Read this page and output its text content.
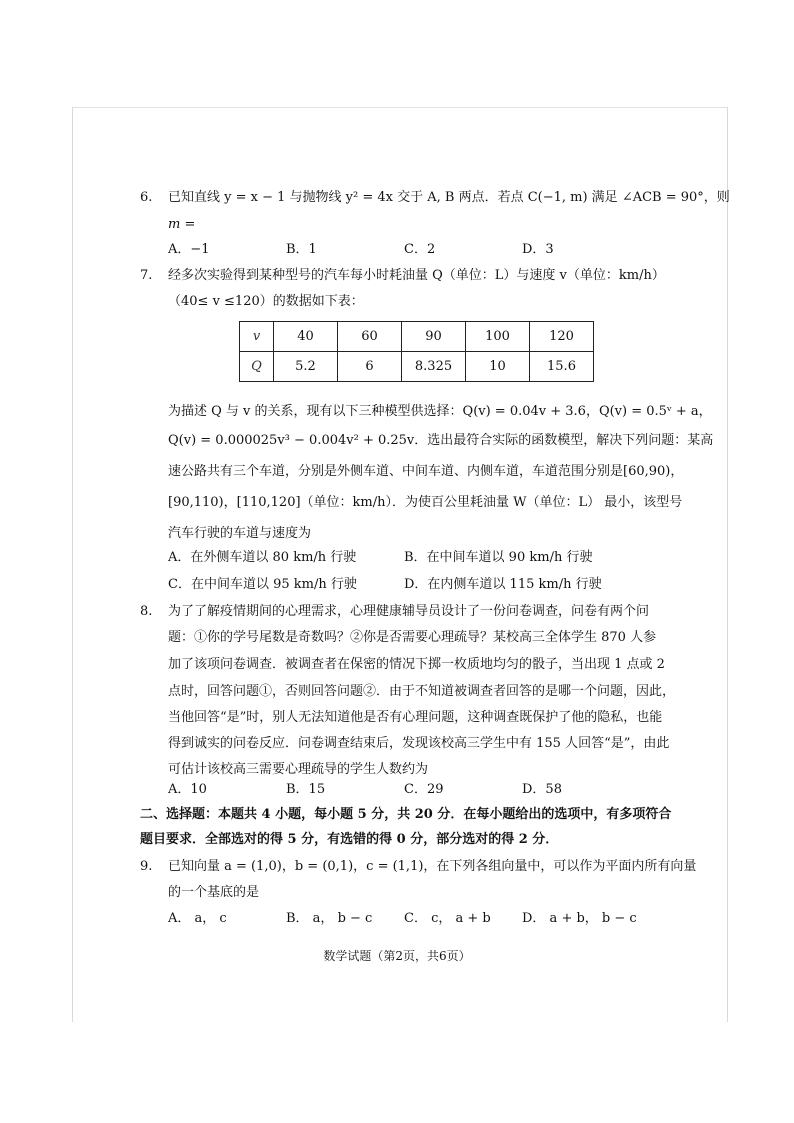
6. 已知直线 y = x − 1 与抛物线 y² = 4x 交于 A, B 两点．若点 C(−1, m) 满足 ∠ACB = 90°，则
m =
A．−1	B．1	C．2	D．3
7. 经多次实验得到某种型号的汽车每小时耗油量 Q（单位：L）与速度 v（单位：km/h）
（40≤ v ≤120）的数据如下表：
v	40	60	90	100	120
Q	5.2	6	8.325	10	15.6
为描述 Q 与 v 的关系，现有以下三种模型供选择：Q(v) = 0.04v + 3.6，Q(v) = 0.5ᵛ + a，
Q(v) = 0.000025v³ − 0.004v² + 0.25v．选出最符合实际的函数模型，解决下列问题：某高
速公路共有三个车道，分别是外侧车道、中间车道、内侧车道，车道范围分别是[60,90)，
[90,110)，[110,120]（单位：km/h）．为使百公里耗油量 W（单位：L） 最小，该型号
汽车行驶的车道与速度为
A．在外侧车道以 80 km/h 行驶	B．在中间车道以 90 km/h 行驶
C．在中间车道以 95 km/h 行驶	D．在内侧车道以 115 km/h 行驶
8. 为了了解疫情期间的心理需求，心理健康辅导员设计了一份问卷调查，问卷有两个问
题：①你的学号尾数是奇数吗？②你是否需要心理疏导？某校高三全体学生 870 人参
加了该项问卷调查．被调查者在保密的情况下掷一枚质地均匀的骰子，当出现 1 点或 2
点时，回答问题①，否则回答问题②．由于不知道被调查者回答的是哪一个问题，因此，
当他回答“是”时，别人无法知道他是否有心理问题，这种调查既保护了他的隐私，也能
得到诚实的问卷反应．问卷调查结束后，发现该校高三学生中有 155 人回答“是”，由此
可估计该校高三需要心理疏导的学生人数约为
A．10	B．15	C．29	D．58
二、选择题：本题共 4 小题，每小题 5 分，共 20 分．在每小题给出的选项中，有多项符合
题目要求．全部选对的得 5 分，有选错的得 0 分，部分选对的得 2 分．
9. 已知向量 a = (1,0)，b = (0,1)，c = (1,1)，在下列各组向量中，可以作为平面内所有向量
的一个基底的是
A． a， c	B． a， b − c C． c， a + b D． a + b， b − c
数学试题（第2页，共6页）
